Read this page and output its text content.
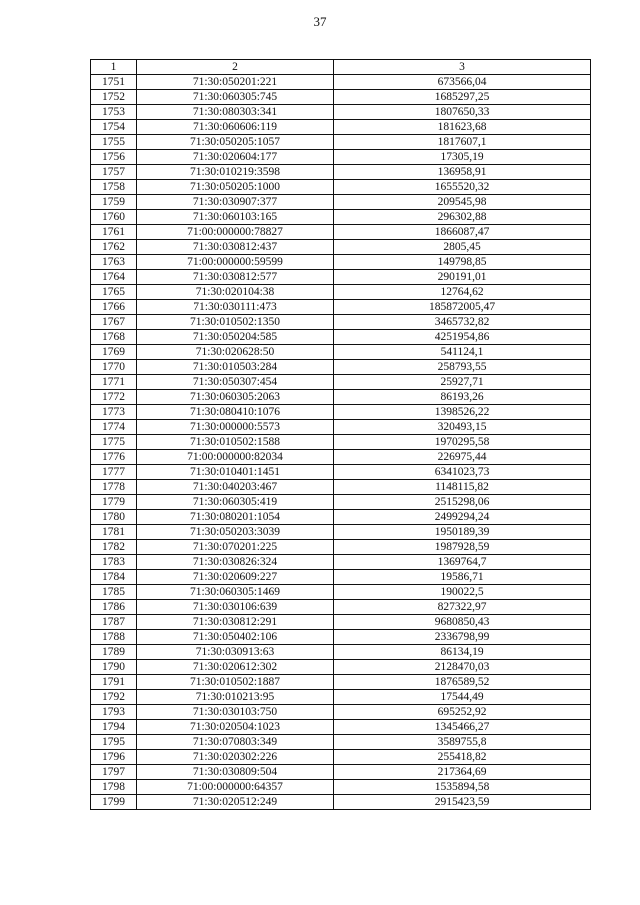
37
1	2	3
1751	71:30:050201:221	673566,04
1752	71:30:060305:745	1685297,25
1753	71:30:080303:341	1807650,33
1754	71:30:060606:119	181623,68
1755	71:30:050205:1057	1817607,1
1756	71:30:020604:177	17305,19
1757	71:30:010219:3598	136958,91
1758	71:30:050205:1000	1655520,32
1759	71:30:030907:377	209545,98
1760	71:30:060103:165	296302,88
1761	71:00:000000:78827	1866087,47
1762	71:30:030812:437	2805,45
1763	71:00:000000:59599	149798,85
1764	71:30:030812:577	290191,01
1765	71:30:020104:38	12764,62
1766	71:30:030111:473	185872005,47
1767	71:30:010502:1350	3465732,82
1768	71:30:050204:585	4251954,86
1769	71:30:020628:50	541124,1
1770	71:30:010503:284	258793,55
1771	71:30:050307:454	25927,71
1772	71:30:060305:2063	86193,26
1773	71:30:080410:1076	1398526,22
1774	71:30:000000:5573	320493,15
1775	71:30:010502:1588	1970295,58
1776	71:00:000000:82034	226975,44
1777	71:30:010401:1451	6341023,73
1778	71:30:040203:467	1148115,82
1779	71:30:060305:419	2515298,06
1780	71:30:080201:1054	2499294,24
1781	71:30:050203:3039	1950189,39
1782	71:30:070201:225	1987928,59
1783	71:30:030826:324	1369764,7
1784	71:30:020609:227	19586,71
1785	71:30:060305:1469	190022,5
1786	71:30:030106:639	827322,97
1787	71:30:030812:291	9680850,43
1788	71:30:050402:106	2336798,99
1789	71:30:030913:63	86134,19
1790	71:30:020612:302	2128470,03
1791	71:30:010502:1887	1876589,52
1792	71:30:010213:95	17544,49
1793	71:30:030103:750	695252,92
1794	71:30:020504:1023	1345466,27
1795	71:30:070803:349	3589755,8
1796	71:30:020302:226	255418,82
1797	71:30:030809:504	217364,69
1798	71:00:000000:64357	1535894,58
1799	71:30:020512:249	2915423,59
